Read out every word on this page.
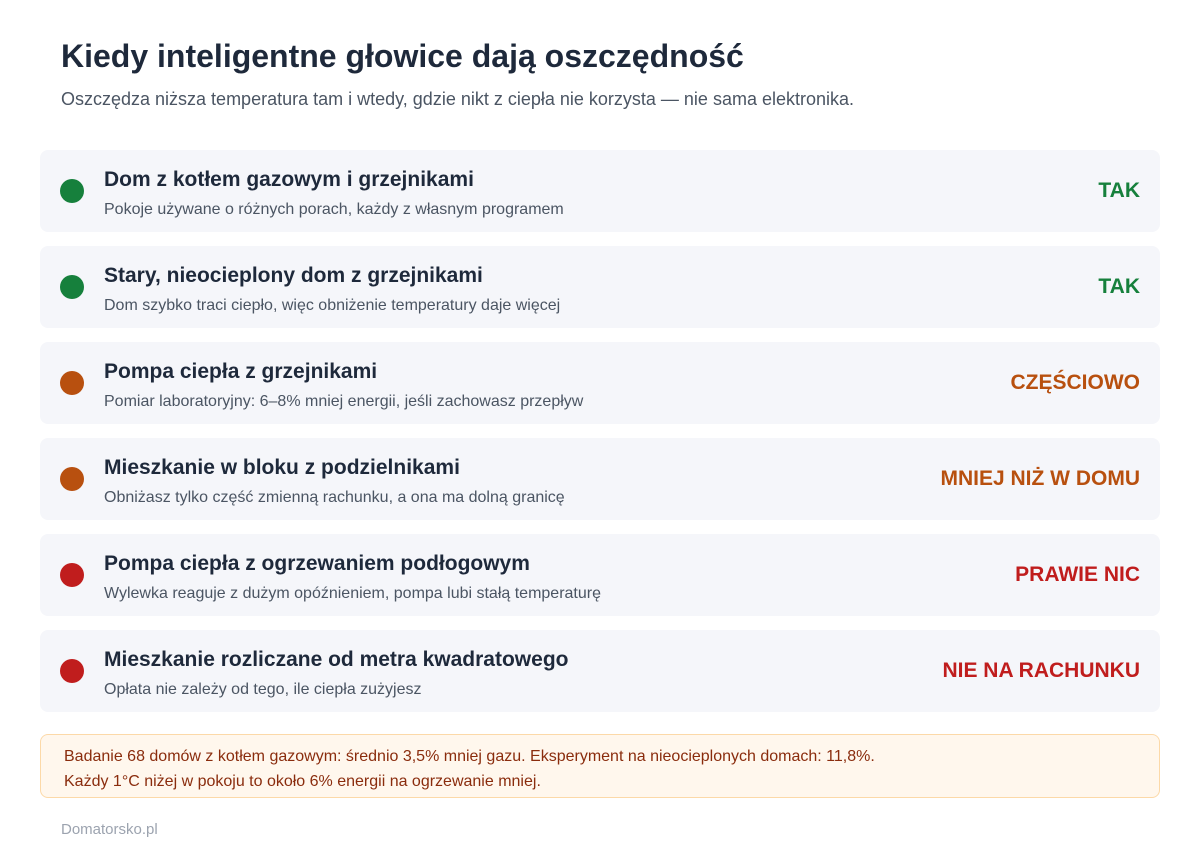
Kiedy inteligentne głowice dają oszczędność

Oszczędza niższa temperatura tam i wtedy, gdzie nikt z ciepła nie korzysta — nie sama elektronika.

Dom z kotłem gazowym i grzejnikami
Pokoje używane o różnych porach, każdy z własnym programem
TAK
Stary, nieocieplony dom z grzejnikami
Dom szybko traci ciepło, więc obniżenie temperatury daje więcej
TAK
Pompa ciepła z grzejnikami
Pomiar laboratoryjny: 6–8% mniej energii, jeśli zachowasz przepływ
CZĘŚCIOWO
Mieszkanie w bloku z podzielnikami
Obniżasz tylko część zmienną rachunku, a ona ma dolną granicę
MNIEJ NIŻ W DOMU
Pompa ciepła z ogrzewaniem podłogowym
Wylewka reaguje z dużym opóźnieniem, pompa lubi stałą temperaturę
PRAWIE NIC
Mieszkanie rozliczane od metra kwadratowego
Opłata nie zależy od tego, ile ciepła zużyjesz
NIE NA RACHUNKU
Badanie 68 domów z kotłem gazowym: średnio 3,5% mniej gazu. Eksperyment na nieocieplonych domach: 11,8%.
Każdy 1°C niżej w pokoju to około 6% energii na ogrzewanie mniej.
Domatorsko.pl
